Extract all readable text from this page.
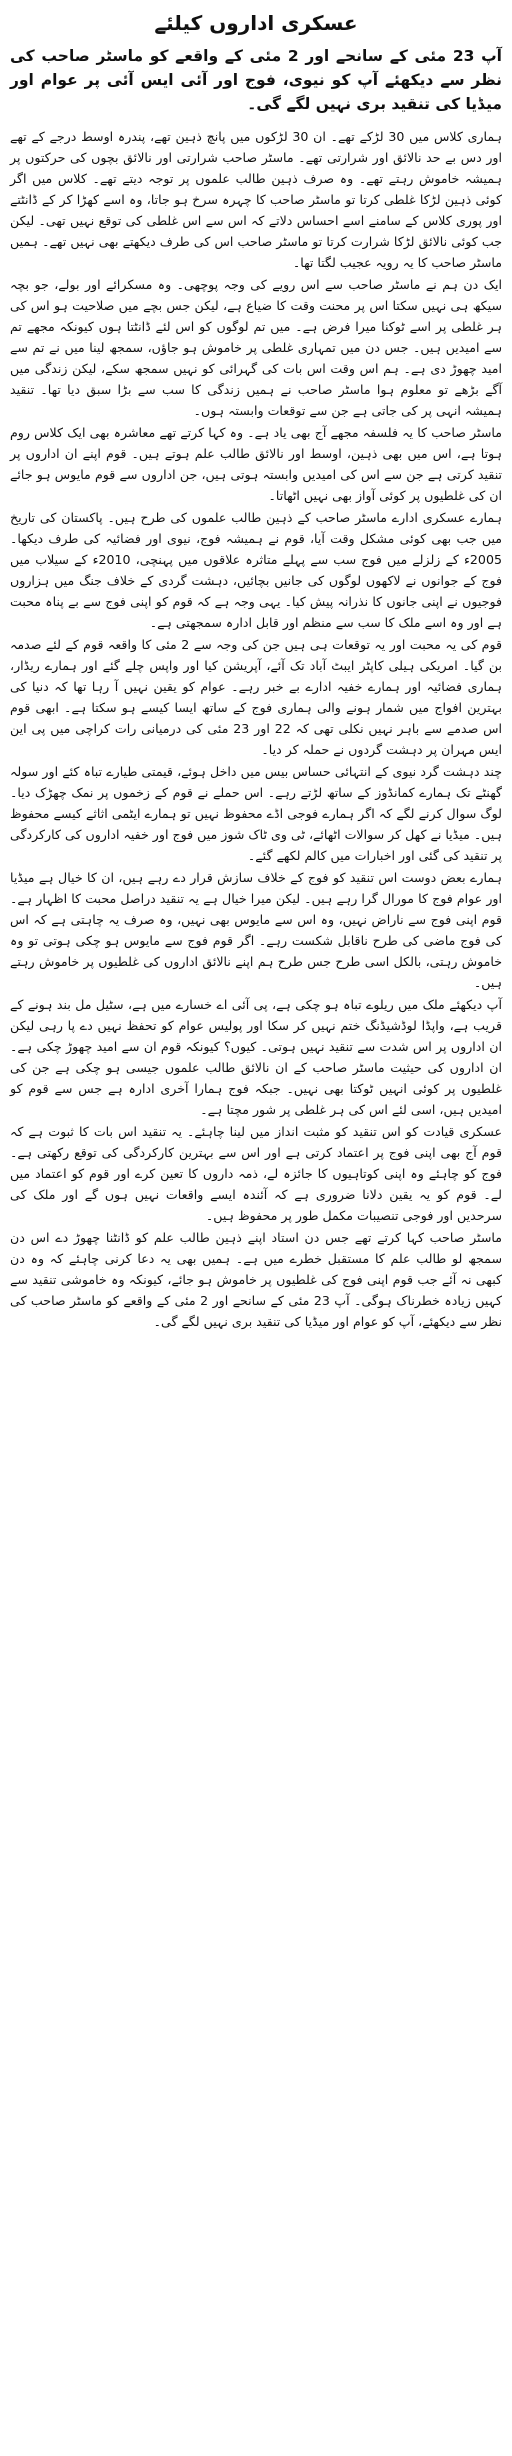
عسکری اداروں کیلئے
آپ 23 مئی کے سانحے اور 2 مئی کے واقعے کو ماسٹر صاحب کی نظر سے دیکھئے آپ کو نیوی، فوج اور آئی ایس آئی پر عوام اور میڈیا کی تنقید بری نہیں لگے گی۔

ہماری کلاس میں 30 لڑکے تھے۔ ان 30 لڑکوں میں پانچ ذہین تھے، پندرہ اوسط درجے کے تھے اور دس بے حد نالائق اور شرارتی تھے۔ ماسٹر صاحب شرارتی اور نالائق بچوں کی حرکتوں پر ہمیشہ خاموش رہتے تھے۔ وہ صرف ذہین طالب علموں پر توجہ دیتے تھے۔ کلاس میں اگر کوئی ذہین لڑکا غلطی کرتا تو ماسٹر صاحب کا چہرہ سرخ ہو جاتا، وہ اسے کھڑا کر کے ڈانٹتے اور پوری کلاس کے سامنے اسے احساس دلاتے کہ اس سے اس غلطی کی توقع نہیں تھی۔ لیکن جب کوئی نالائق لڑکا شرارت کرتا تو ماسٹر صاحب اس کی طرف دیکھتے بھی نہیں تھے۔ ہمیں ماسٹر صاحب کا یہ رویہ عجیب لگتا تھا۔

ایک دن ہم نے ماسٹر صاحب سے اس رویے کی وجہ پوچھی۔ وہ مسکرائے اور بولے، جو بچہ سیکھ ہی نہیں سکتا اس پر محنت وقت کا ضیاع ہے، لیکن جس بچے میں صلاحیت ہو اس کی ہر غلطی پر اسے ٹوکنا میرا فرض ہے۔ میں تم لوگوں کو اس لئے ڈانٹتا ہوں کیونکہ مجھے تم سے امیدیں ہیں۔ جس دن میں تمہاری غلطی پر خاموش ہو جاؤں، سمجھ لینا میں نے تم سے امید چھوڑ دی ہے۔ ہم اس وقت اس بات کی گہرائی کو نہیں سمجھ سکے، لیکن زندگی میں آگے بڑھے تو معلوم ہوا ماسٹر صاحب نے ہمیں زندگی کا سب سے بڑا سبق دیا تھا۔ تنقید ہمیشہ انہی پر کی جاتی ہے جن سے توقعات وابستہ ہوں۔

ماسٹر صاحب کا یہ فلسفہ مجھے آج بھی یاد ہے۔ وہ کہا کرتے تھے معاشرہ بھی ایک کلاس روم ہوتا ہے، اس میں بھی ذہین، اوسط اور نالائق طالب علم ہوتے ہیں۔ قوم اپنے ان اداروں پر تنقید کرتی ہے جن سے اس کی امیدیں وابستہ ہوتی ہیں، جن اداروں سے قوم مایوس ہو جائے ان کی غلطیوں پر کوئی آواز بھی نہیں اٹھاتا۔

ہمارے عسکری ادارے ماسٹر صاحب کے ذہین طالب علموں کی طرح ہیں۔ پاکستان کی تاریخ میں جب بھی کوئی مشکل وقت آیا، قوم نے ہمیشہ فوج، نیوی اور فضائیہ کی طرف دیکھا۔ 2005ء کے زلزلے میں فوج سب سے پہلے متاثرہ علاقوں میں پہنچی، 2010ء کے سیلاب میں فوج کے جوانوں نے لاکھوں لوگوں کی جانیں بچائیں، دہشت گردی کے خلاف جنگ میں ہزاروں فوجیوں نے اپنی جانوں کا نذرانہ پیش کیا۔ یہی وجہ ہے کہ قوم کو اپنی فوج سے بے پناہ محبت ہے اور وہ اسے ملک کا سب سے منظم اور قابل ادارہ سمجھتی ہے۔

قوم کی یہ محبت اور یہ توقعات ہی ہیں جن کی وجہ سے 2 مئی کا واقعہ قوم کے لئے صدمہ بن گیا۔ امریکی ہیلی کاپٹر ایبٹ آباد تک آئے، آپریشن کیا اور واپس چلے گئے اور ہمارے ریڈار، ہماری فضائیہ اور ہمارے خفیہ ادارے بے خبر رہے۔ عوام کو یقین نہیں آ رہا تھا کہ دنیا کی بہترین افواج میں شمار ہونے والی ہماری فوج کے ساتھ ایسا کیسے ہو سکتا ہے۔ ابھی قوم اس صدمے سے باہر نہیں نکلی تھی کہ 22 اور 23 مئی کی درمیانی رات کراچی میں پی این ایس مہران پر دہشت گردوں نے حملہ کر دیا۔

چند دہشت گرد نیوی کے انتہائی حساس بیس میں داخل ہوئے، قیمتی طیارے تباہ کئے اور سولہ گھنٹے تک ہمارے کمانڈوز کے ساتھ لڑتے رہے۔ اس حملے نے قوم کے زخموں پر نمک چھڑک دیا۔ لوگ سوال کرنے لگے کہ اگر ہمارے فوجی اڈے محفوظ نہیں تو ہمارے ایٹمی اثاثے کیسے محفوظ ہیں۔ میڈیا نے کھل کر سوالات اٹھائے، ٹی وی ٹاک شوز میں فوج اور خفیہ اداروں کی کارکردگی پر تنقید کی گئی اور اخبارات میں کالم لکھے گئے۔

ہمارے بعض دوست اس تنقید کو فوج کے خلاف سازش قرار دے رہے ہیں، ان کا خیال ہے میڈیا اور عوام فوج کا مورال گرا رہے ہیں۔ لیکن میرا خیال ہے یہ تنقید دراصل محبت کا اظہار ہے۔ قوم اپنی فوج سے ناراض نہیں، وہ اس سے مایوس بھی نہیں، وہ صرف یہ چاہتی ہے کہ اس کی فوج ماضی کی طرح ناقابل شکست رہے۔ اگر قوم فوج سے مایوس ہو چکی ہوتی تو وہ خاموش رہتی، بالکل اسی طرح جس طرح ہم اپنے نالائق اداروں کی غلطیوں پر خاموش رہتے ہیں۔

آپ دیکھئے ملک میں ریلوے تباہ ہو چکی ہے، پی آئی اے خسارے میں ہے، سٹیل مل بند ہونے کے قریب ہے، واپڈا لوڈشیڈنگ ختم نہیں کر سکا اور پولیس عوام کو تحفظ نہیں دے پا رہی لیکن ان اداروں پر اس شدت سے تنقید نہیں ہوتی۔ کیوں؟ کیونکہ قوم ان سے امید چھوڑ چکی ہے۔ ان اداروں کی حیثیت ماسٹر صاحب کے ان نالائق طالب علموں جیسی ہو چکی ہے جن کی غلطیوں پر کوئی انہیں ٹوکتا بھی نہیں۔ جبکہ فوج ہمارا آخری ادارہ ہے جس سے قوم کو امیدیں ہیں، اسی لئے اس کی ہر غلطی پر شور مچتا ہے۔

عسکری قیادت کو اس تنقید کو مثبت انداز میں لینا چاہئے۔ یہ تنقید اس بات کا ثبوت ہے کہ قوم آج بھی اپنی فوج پر اعتماد کرتی ہے اور اس سے بہترین کارکردگی کی توقع رکھتی ہے۔ فوج کو چاہئے وہ اپنی کوتاہیوں کا جائزہ لے، ذمہ داروں کا تعین کرے اور قوم کو اعتماد میں لے۔ قوم کو یہ یقین دلانا ضروری ہے کہ آئندہ ایسے واقعات نہیں ہوں گے اور ملک کی سرحدیں اور فوجی تنصیبات مکمل طور پر محفوظ ہیں۔

ماسٹر صاحب کہا کرتے تھے جس دن استاد اپنے ذہین طالب علم کو ڈانٹنا چھوڑ دے اس دن سمجھ لو طالب علم کا مستقبل خطرے میں ہے۔ ہمیں بھی یہ دعا کرنی چاہئے کہ وہ دن کبھی نہ آئے جب قوم اپنی فوج کی غلطیوں پر خاموش ہو جائے، کیونکہ وہ خاموشی تنقید سے کہیں زیادہ خطرناک ہوگی۔ آپ 23 مئی کے سانحے اور 2 مئی کے واقعے کو ماسٹر صاحب کی نظر سے دیکھئے، آپ کو عوام اور میڈیا کی تنقید بری نہیں لگے گی۔
